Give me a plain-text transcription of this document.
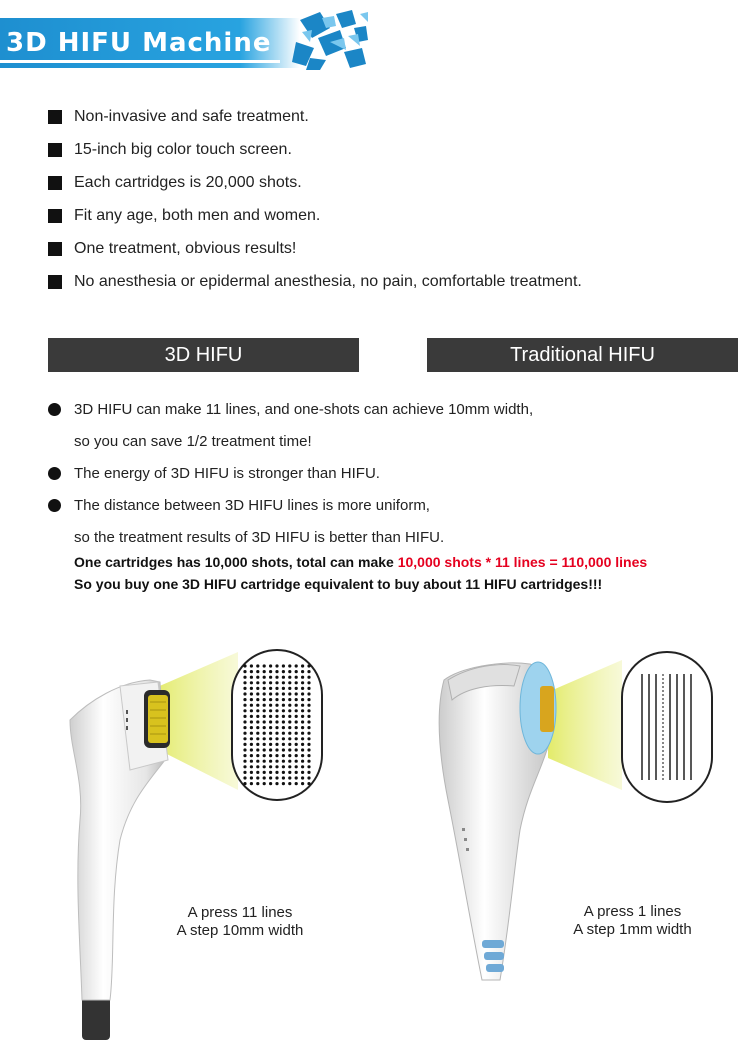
3D HIFU Machine
Non-invasive and safe treatment.
15-inch big color touch screen.
Each cartridges is 20,000 shots.
Fit any age, both men and women.
One treatment, obvious results!
No anesthesia or epidermal anesthesia, no pain, comfortable treatment.
3D HIFU	Traditional HIFU
3D HIFU can make 11 lines, and one-shots can achieve 10mm width,
so you can save 1/2 treatment time!
The energy of 3D HIFU is stronger than HIFU.
The distance between 3D HIFU lines is more uniform,
so the treatment results of 3D HIFU is better than HIFU.
One cartridges has 10,000 shots, total can make 10,000 shots * 11 lines = 110,000 lines
So you buy one 3D HIFU cartridge equivalent to buy about 11 HIFU cartridges!!!
A press 11 lines
A step 10mm width
A press 1 lines
A step 1mm width
